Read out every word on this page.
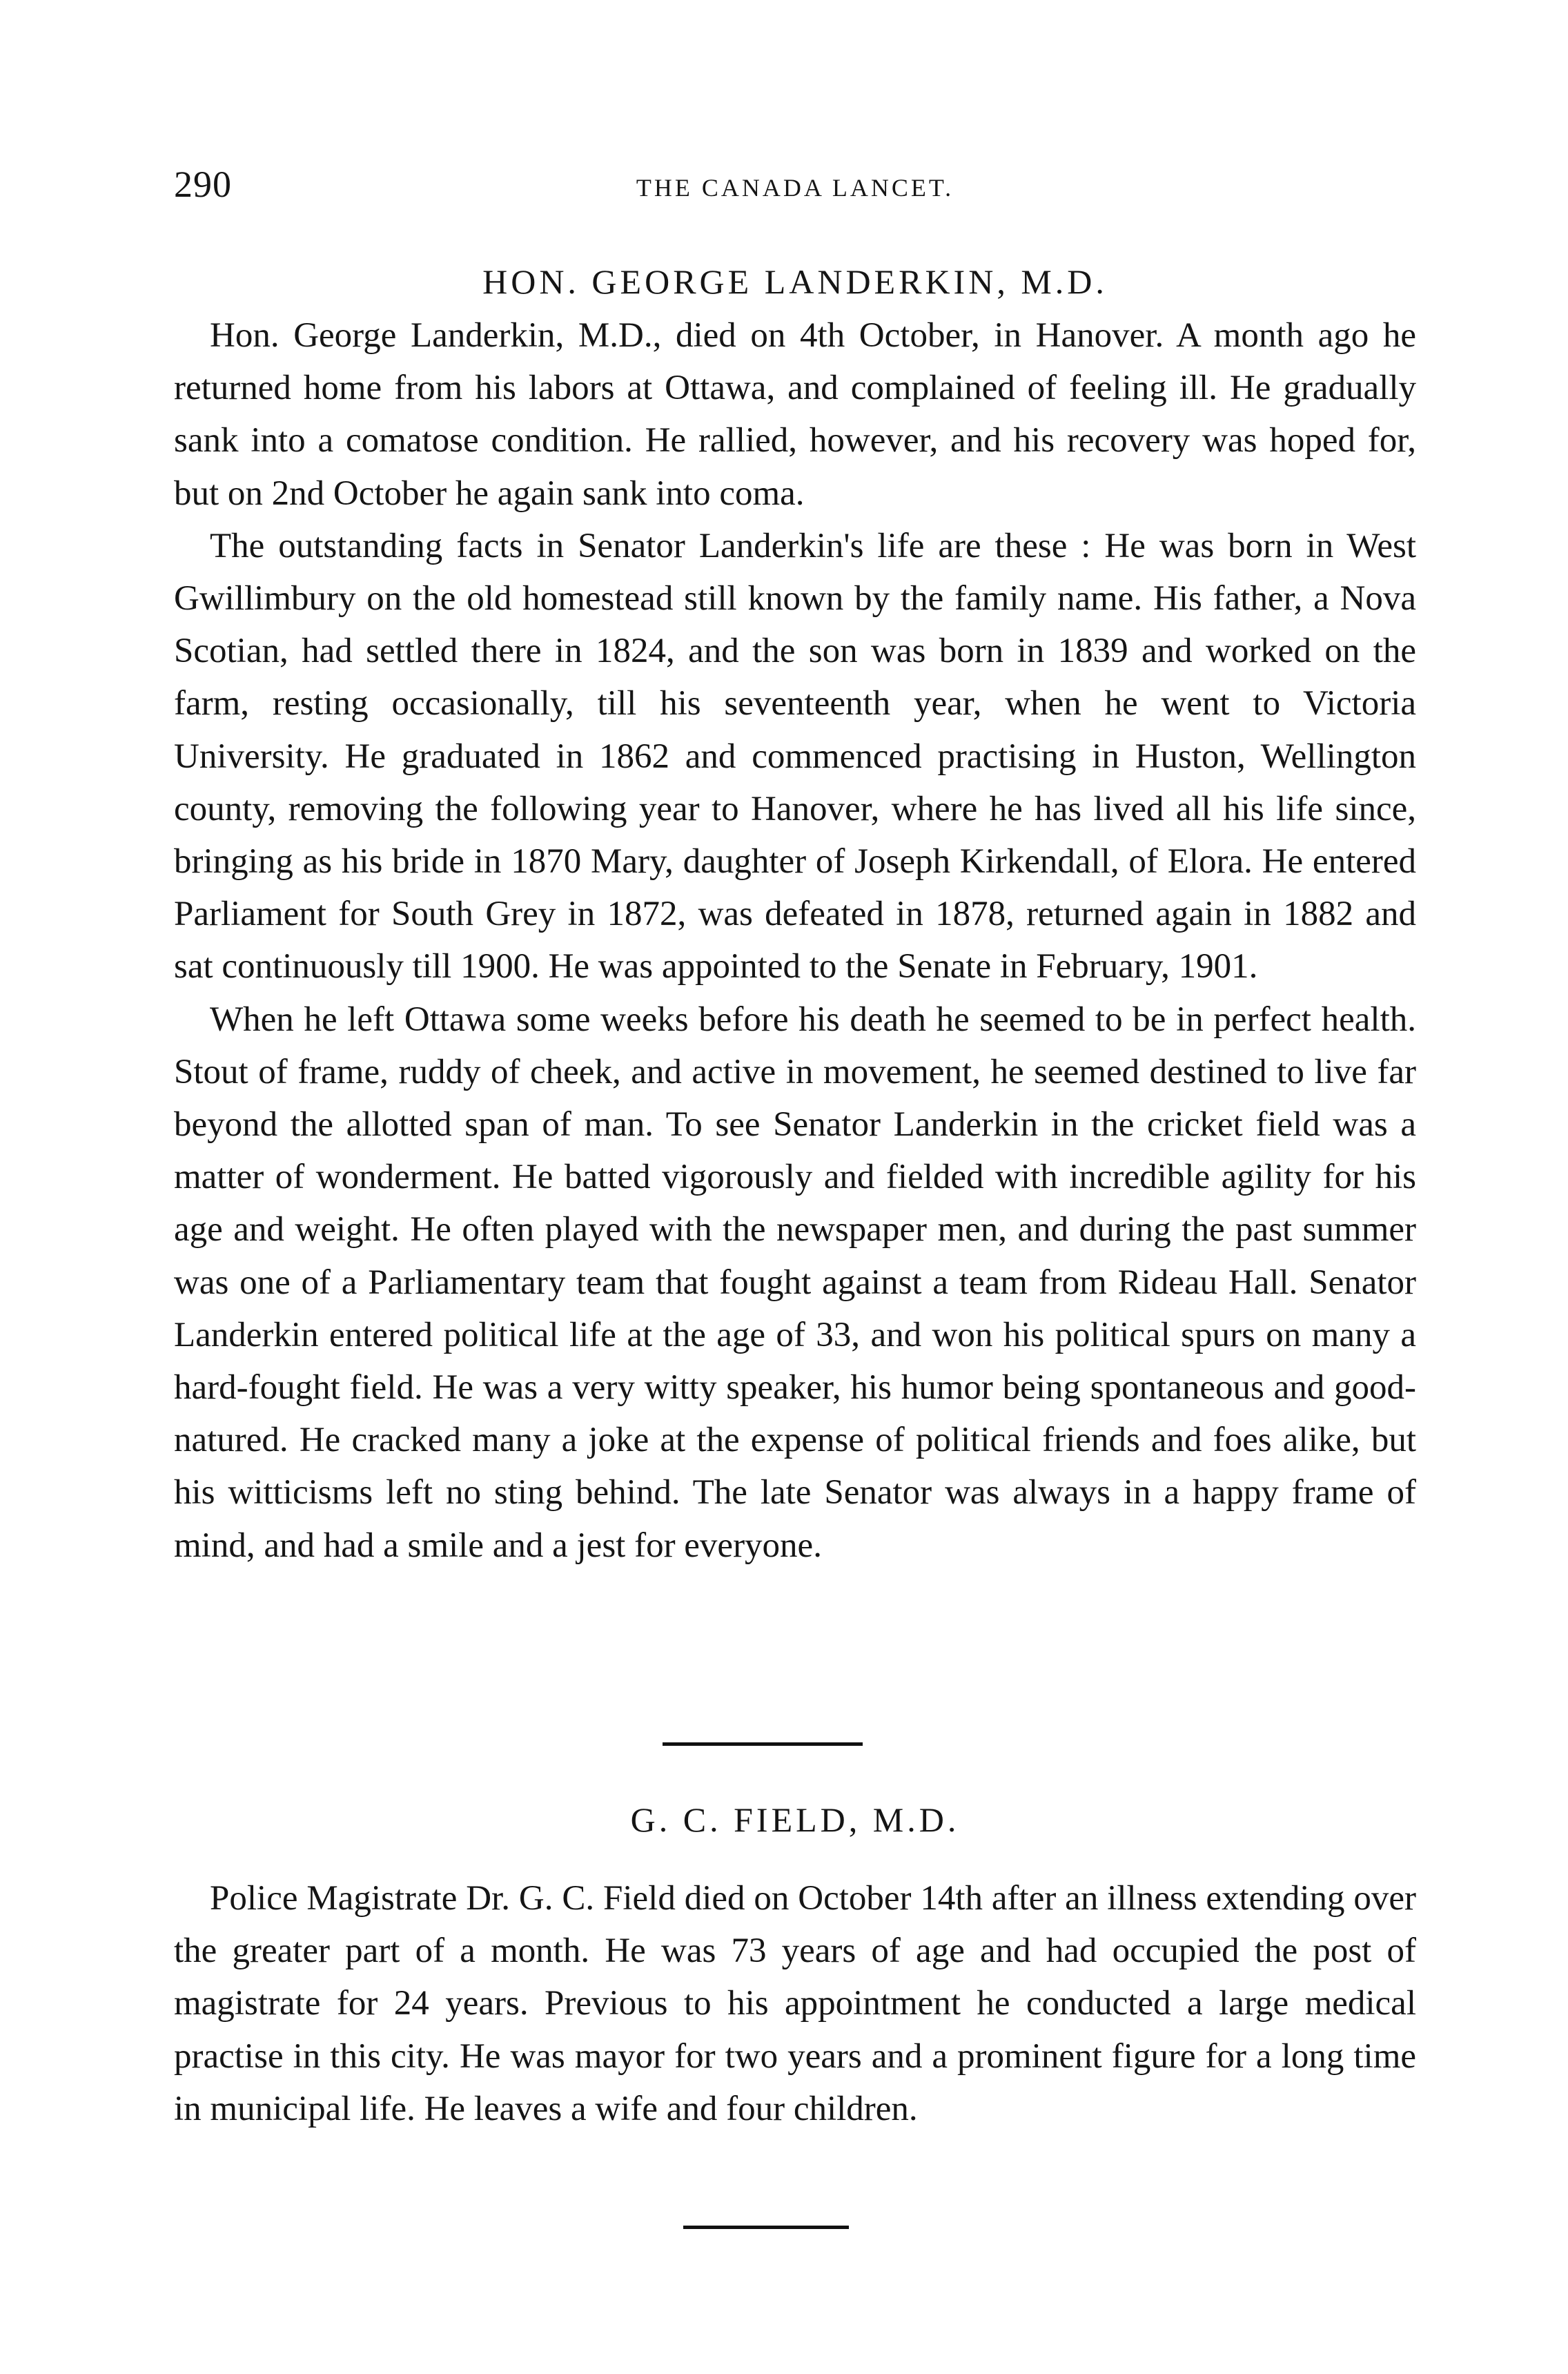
290	THE CANADA LANCET.
HON. GEORGE LANDERKIN, M.D.

Hon. George Landerkin, M.D., died on 4th October, in Hanover. A month ago he returned home from his labors at Ottawa, and complained of feeling ill. He gradually sank into a comatose condition. He rallied, however, and his recovery was hoped for, but on 2nd October he again sank into coma.

The outstanding facts in Senator Landerkin's life are these : He was born in West Gwillimbury on the old homestead still known by the family name. His father, a Nova Scotian, had settled there in 1824, and the son was born in 1839 and worked on the farm, resting occasionally, till his seventeenth year, when he went to Victoria University. He graduated in 1862 and commenced practising in Huston, Wellington county, removing the following year to Hanover, where he has lived all his life since, bringing as his bride in 1870 Mary, daughter of Joseph Kirkendall, of Elora. He entered Parliament for South Grey in 1872, was defeated in 1878, returned again in 1882 and sat continuously till 1900. He was appointed to the Senate in February, 1901.

When he left Ottawa some weeks before his death he seemed to be in perfect health. Stout of frame, ruddy of cheek, and active in movement, he seemed destined to live far beyond the allotted span of man. To see Senator Landerkin in the cricket field was a matter of wonderment. He batted vigorously and fielded with incredible agility for his age and weight. He often played with the newspaper men, and during the past summer was one of a Parliamentary team that fought against a team from Rideau Hall. Senator Landerkin entered political life at the age of 33, and won his political spurs on many a hard-fought field. He was a very witty speaker, his humor being spontaneous and good-natured. He cracked many a joke at the expense of political friends and foes alike, but his witticisms left no sting behind. The late Senator was always in a happy frame of mind, and had a smile and a jest for everyone.

G. C. FIELD, M.D.

Police Magistrate Dr. G. C. Field died on October 14th after an illness extending over the greater part of a month. He was 73 years of age and had occupied the post of magistrate for 24 years. Previous to his appointment he conducted a large medical practise in this city. He was mayor for two years and a prominent figure for a long time in municipal life. He leaves a wife and four children.
